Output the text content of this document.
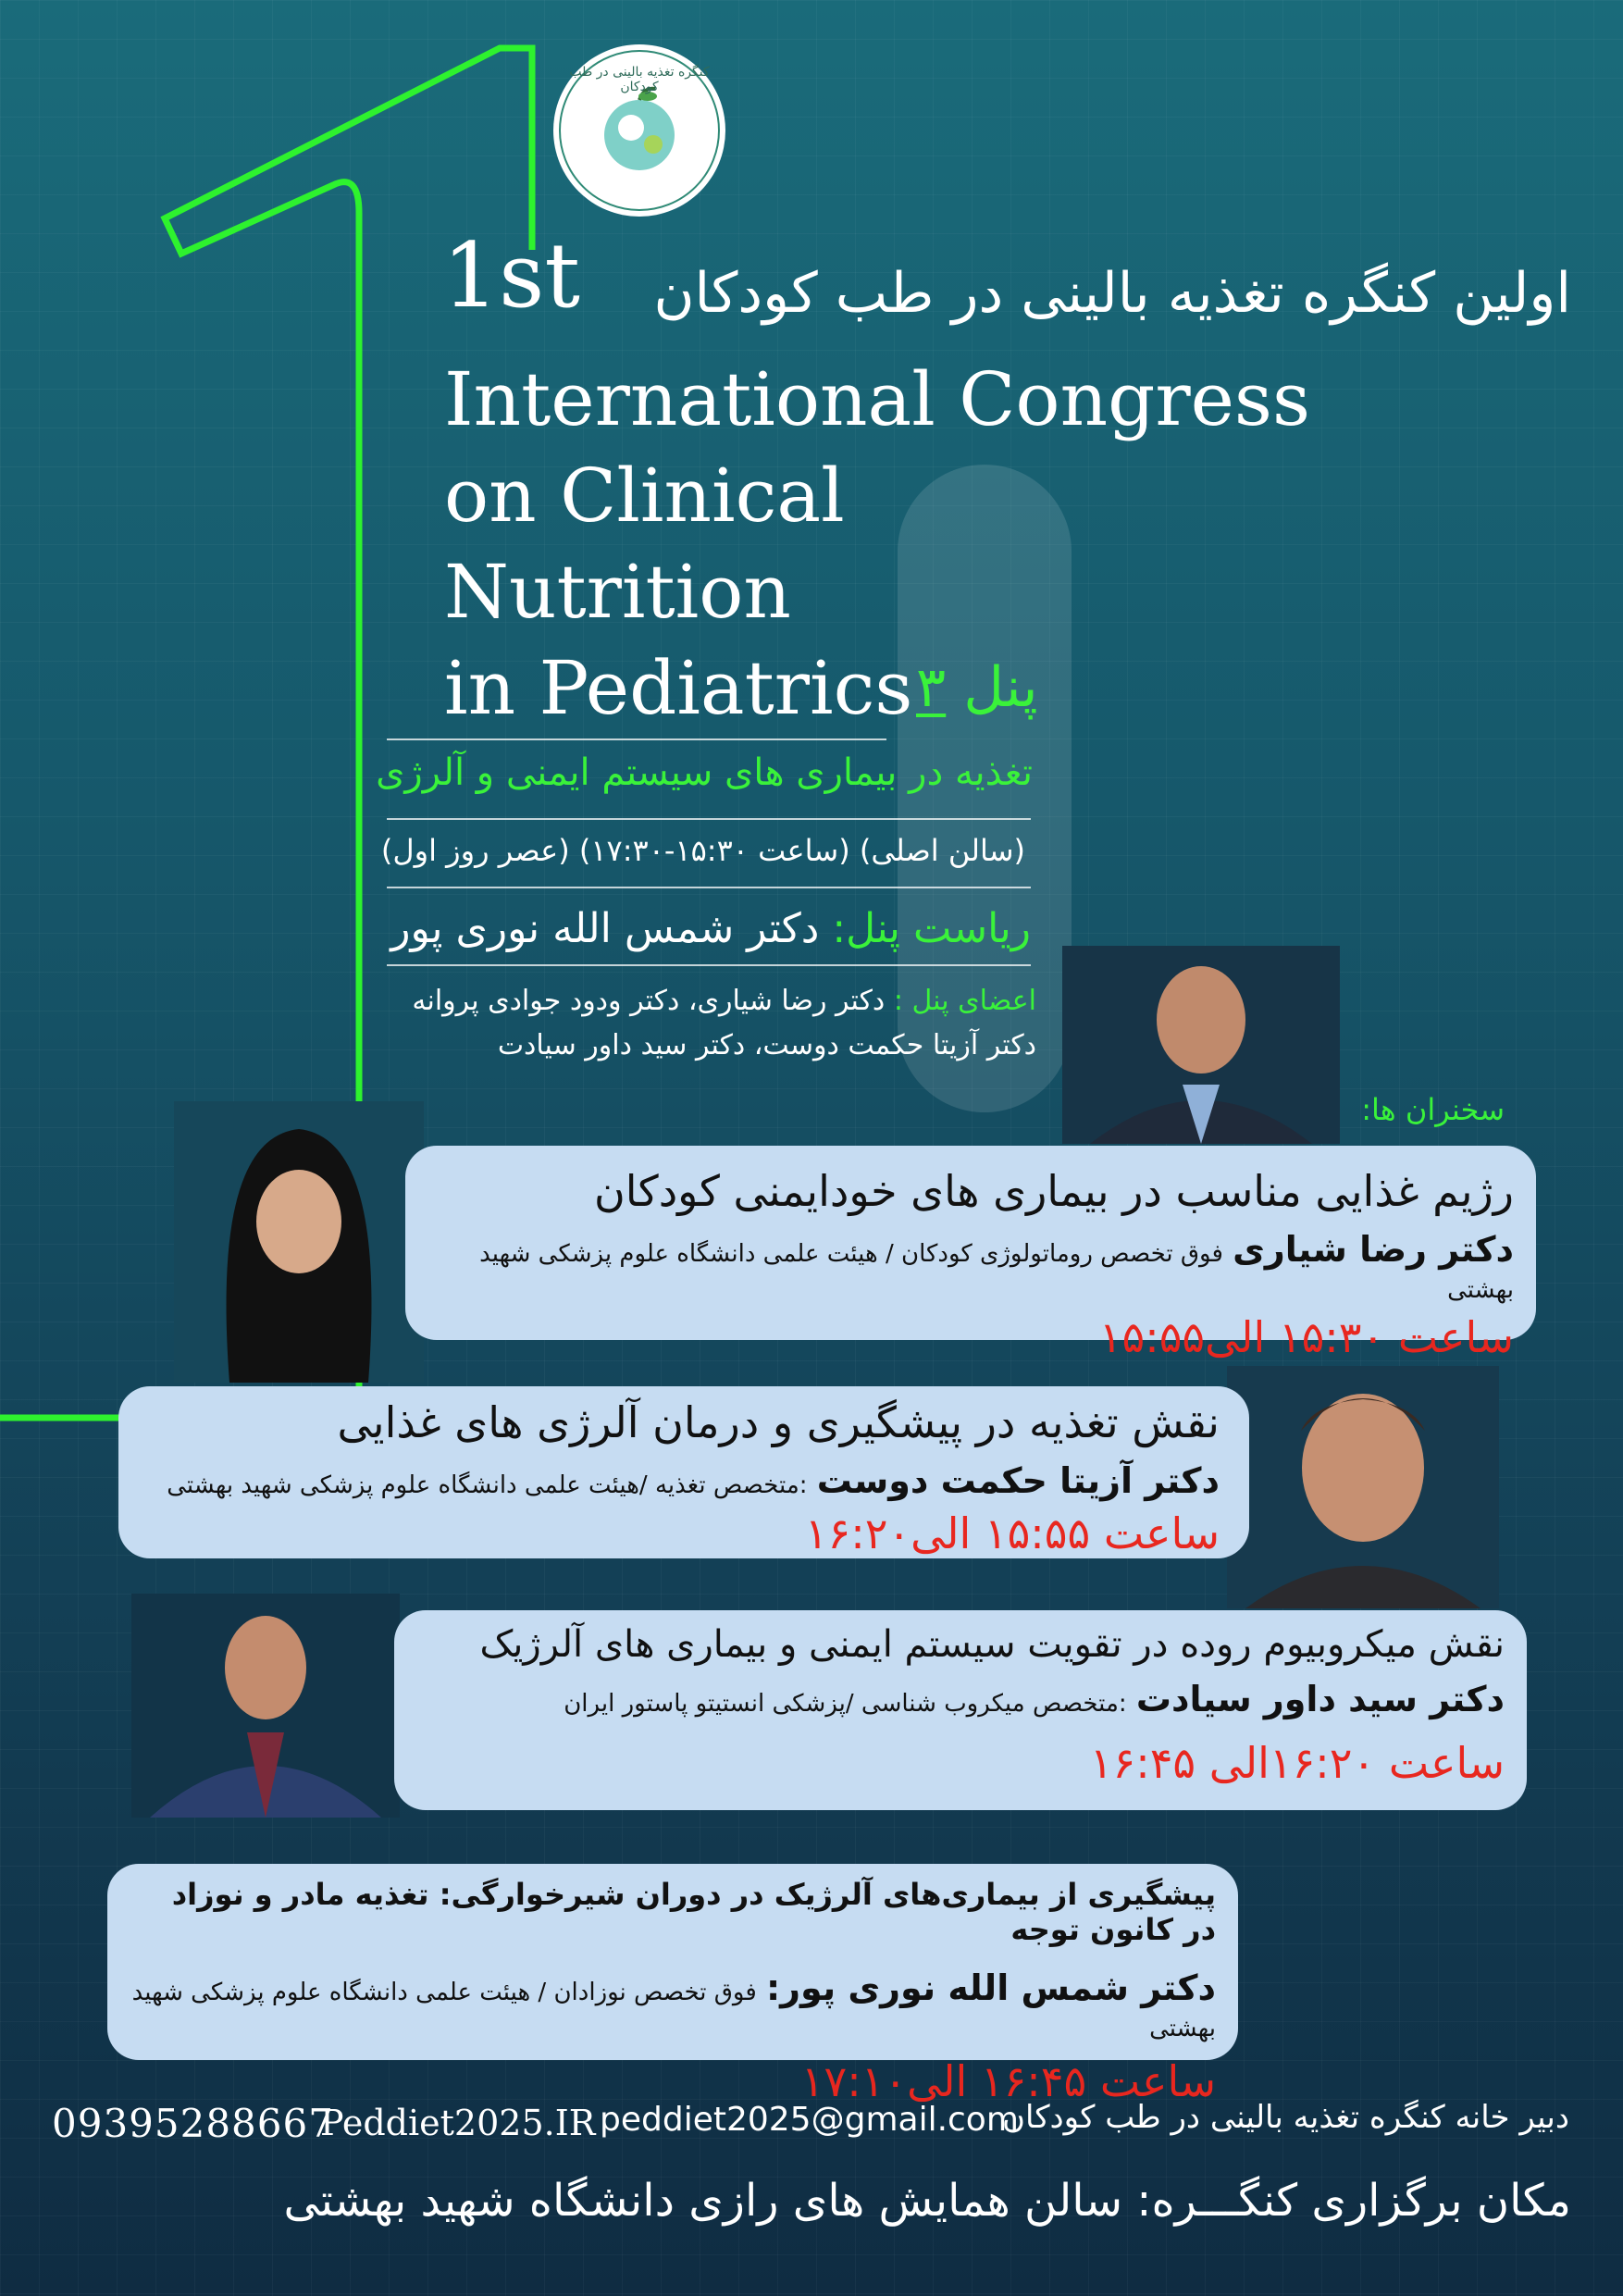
کنگره تغذیه بالینی در طب کودکان
1st اولین کنگره تغذیه بالینی در طب کودکان
International Congress
on Clinical
Nutrition
in Pediatrics پنل ۳
تغذیه در بیماری های سیستم ایمنی و آلرژی
(سالن اصلی) (ساعت ۱۵:۳۰-۱۷:۳۰) (عصر روز اول)
ریاست پنل: دکتر شمس الله نوری پور
اعضای پنل : دکتر رضا شیاری، دکتر ودود جوادی پروانه
دکتر آزیتا حکمت دوست، دکتر سید داور سیادت
سخنران ها:
رژیم غذایی مناسب در بیماری های خودایمنی کودکان
دکتر رضا شیاری فوق تخصص روماتولوژی کودکان / هیئت علمی دانشگاه علوم پزشکی شهید بهشتی
ساعت ۱۵:۳۰ الی۱۵:۵۵
نقش تغذیه در پیشگیری و درمان آلرژی های غذایی
دکتر آزیتا حکمت دوست :متخصص تغذیه /هیئت علمی دانشگاه علوم پزشکی شهید بهشتی
ساعت ۱۵:۵۵ الی۱۶:۲۰
نقش میکروبیوم روده در تقویت سیستم ایمنی و بیماری های آلرژیک
دکتر سید داور سیادت :متخصص میکروب شناسی /پزشکی انستیتو پاستور ایران
ساعت ۱۶:۲۰الی ۱۶:۴۵
پیشگیری از بیماری‌های آلرژیک در دوران شیرخوارگی: تغذیه مادر و نوزاد در کانون توجه
دکتر شمس الله نوری پور: فوق تخصص نوزادان / هیئت علمی دانشگاه علوم پزشکی شهید بهشتی
ساعت ۱۶:۴۵ الی۱۷:۱۰
09395288667
Peddiet2025.IR peddiet2025@gmail.com
دبیر خانه کنگره تغذیه بالینی در طب کودکان
مکان برگزاری کنگـــره: سالن همایش های رازی دانشگاه شهید بهشتی
